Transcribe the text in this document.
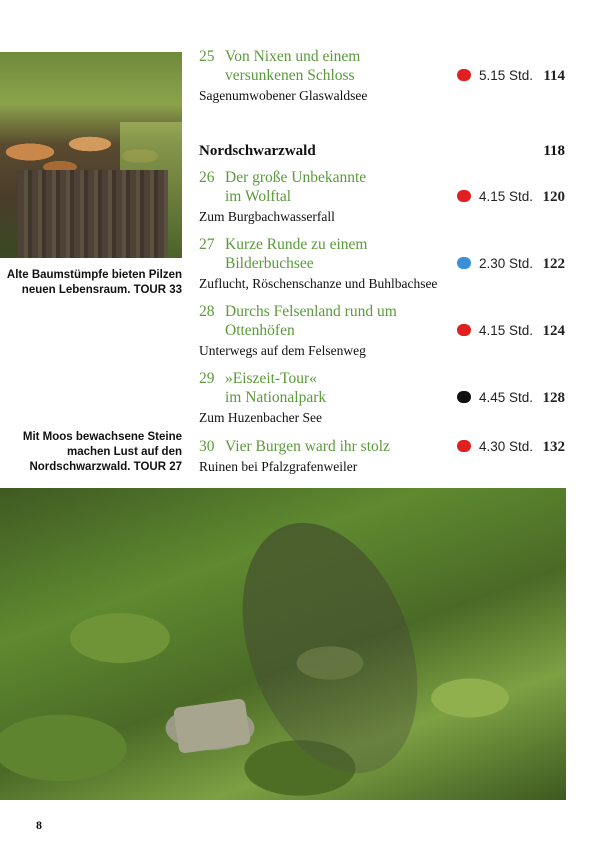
Alte Baumstümpfe bieten Pilzen neuen Lebensraum. TOUR 33
Mit Moos bewachsene Steine machen Lust auf den Nordschwarzwald. TOUR 27
25 Von Nixen und einem
versunkenen Schloss	5.15 Std. 114
Sagenumwobener Glaswaldsee
Nordschwarzwald	118
26 Der große Unbekannte
im Wolftal	4.15 Std. 120
Zum Burgbachwasserfall
27 Kurze Runde zu einem
Bilderbuchsee	2.30 Std. 122
Zuflucht, Röschenschanze und Buhlbachsee
28 Durchs Felsenland rund um
Ottenhöfen	4.15 Std. 124
Unterwegs auf dem Felsenweg
29 »Eiszeit-Tour«
im Nationalpark	4.45 Std. 128
Zum Huzenbacher See
30 Vier Burgen ward ihr stolz	4.30 Std. 132
Ruinen bei Pfalzgrafenweiler
8
